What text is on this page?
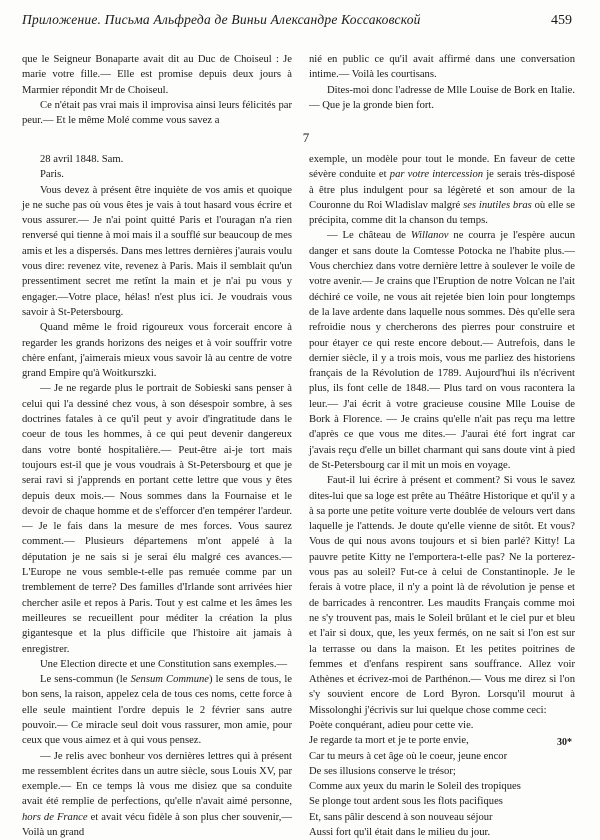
Приложение. Письма Альфреда де Виньи Александре Коссаковской	459

que le Seigneur Bonaparte avait dit au Duc de Choiseul : Je marie votre fille.— Elle est promise depuis deux jours à Marmier répondit Mr de Choiseul.

Ce n'était pas vrai mais il improvisa ainsi leurs félicités par peur.— Et le même Molé comme vous savez a

nié en public ce qu'il avait affirmé dans une conversation intime.— Voilà les courtisans.

Dites-moi donc l'adresse de Mlle Louise de Bork en Italie.— Que je la gronde bien fort.

7

28 avril 1848. Sam.

Paris.

Vous devez à présent être inquiète de vos amis et quoique je ne suche pas où vous êtes je vais à tout hasard vous écrire et vous assurer.— Je n'ai point quitté Paris et l'ouragan n'a rien renversé qui tienne à moi mais il a soufflé sur beaucoup de mes amis et les a dispersés. Dans mes lettres dernières j'aurais voulu vous dire: revenez vite, revenez à Paris. Mais il semblait qu'un pressentiment secret me retînt la main et je n'ai pu vous y engager.—Votre place, hélas! n'est plus ici. Je voudrais vous savoir à St-Petersbourg.

Quand même le froid rigoureux vous forcerait encore à regarder les grands horizons des neiges et à voir souffrir votre chère enfant, j'aimerais mieux vous savoir là au centre de votre grand Empire qu'à Woitkurszki.

— Je ne regarde plus le portrait de Sobieski sans penser à celui qui l'a dessiné chez vous, à son désespoir sombre, à ses doctrines fatales à ce qu'il peut y avoir d'ingratitude dans le coeur de tous les hommes, à ce qui peut devenir dangereux dans votre bonté hospitalière.— Peut-être ai-je tort mais toujours est-il que je vous voudrais à St-Petersbourg et que je serai ravi si j'apprends en portant cette lettre que vous y êtes depuis deux mois.— Nous sommes dans la Fournaise et le devoir de chaque homme et de s'efforcer d'en tempérer l'ardeur.— Je le fais dans la mesure de mes forces. Vous saurez comment.— Plusieurs départemens m'ont appelé à la députation je ne sais si je serai élu malgré ces avances.— L'Europe ne vous semble-t-elle pas remuée comme par un tremblement de terre? Des familles d'Irlande sont arrivées hier chercher asile et repos à Paris. Tout y est calme et les âmes les meilleures se recueillent pour méditer la création la plus gigantesque et la plus difficile que l'histoire ait jamais à enregistrer.

Une Election directe et une Constitution sans exemples.—

Le sens-commun (le Sensum Commune) le sens de tous, le bon sens, la raison, appelez cela de tous ces noms, cette force à elle seule maintient l'ordre depuis le 2 février sans autre pouvoir.— Ce miracle seul doit vous rassurer, mon amie, pour ceux que vous aimez et à qui vous pensez.

— Je relis avec bonheur vos dernières lettres qui à présent me ressemblent écrites dans un autre siècle, sous Louis XV, par exemple.— En ce temps là vous me disiez que sa conduite avait été remplie de perfections, qu'elle n'avait aimé personne, hors de France et avait vécu fidèle à son plus cher souvenir,— Voilà un grand

exemple, un modèle pour tout le monde. En faveur de cette sévère conduite et par votre intercession je serais très-disposé à être plus indulgent pour sa légèreté et son amour de la Couronne du Roi Wladislav malgré ses inutiles bras où elle se précipita, comme dit la chanson du temps.

— Le château de Willanov ne courra je l'espère aucun danger et sans doute la Comtesse Potocka ne l'habite plus.— Vous cherchiez dans votre dernière lettre à soulever le voile de votre avenir.— Je crains que l'Eruption de notre Volcan ne l'ait déchiré ce voile, ne vous ait rejetée bien loin pour longtemps de la lave ardente dans laquelle nous sommes. Dès qu'elle sera refroidie nous y chercherons des pierres pour construire et pour étayer ce qui reste encore debout.— Autrefois, dans le dernier siècle, il y a trois mois, vous me parliez des historiens français de la Révolution de 1789. Aujourd'hui ils n'écrivent plus, ils font celle de 1848.— Plus tard on vous racontera la leur.— J'ai écrit à votre gracieuse cousine Mlle Louise de Bork à Florence. — Je crains qu'elle n'ait pas reçu ma lettre d'après ce que vous me dites.— J'aurai été fort ingrat car j'avais reçu d'elle un billet charmant qui sans doute vint à pied de St-Petersbourg car il mit un mois en voyage.

Faut-il lui écrire à présent et comment? Si vous le savez dites-lui que sa loge est prête au Théâtre Historique et qu'il y a à sa porte une petite voiture verte doublée de velours vert dans laquelle je l'attends. Je doute qu'elle vienne de sitôt. Et vous? Vous de qui nous avons toujours et si bien parlé? Kitty! La pauvre petite Kitty ne l'emportera-t-elle pas? Ne la porterez-vous pas au soleil? Fut-ce à celui de Constantinople. Je le ferais à votre place, il n'y a point là de révolution je pense et de barricades à rencontrer. Les maudits Français comme moi ne s'y trouvent pas, mais le Soleil brûlant et le ciel pur et bleu et l'air si doux, que, les yeux fermés, on ne sait si l'on est sur la terrasse ou dans la maison. Et les petites poitrines de femmes et d'enfans respirent sans souffrance. Allez voir Athènes et écrivez-moi de Parthénon.— Vous me direz si l'on s'y souvient encore de Lord Byron. Lorsqu'il mourut à Missolonghi j'écrivis sur lui quelque chose comme ceci:

Poète conquérant, adieu pour cette vie.

Je regarde ta mort et je te porte envie,

Car tu meurs à cet âge où le coeur, jeune encor

De ses illusions conserve le trésor;

Comme aux yeux du marin le Soleil des tropiques

Se plonge tout ardent sous les flots pacifiques

Et, sans pâlir descend à son nouveau séjour

Aussi fort qu'il était dans le milieu du jour.

30*
